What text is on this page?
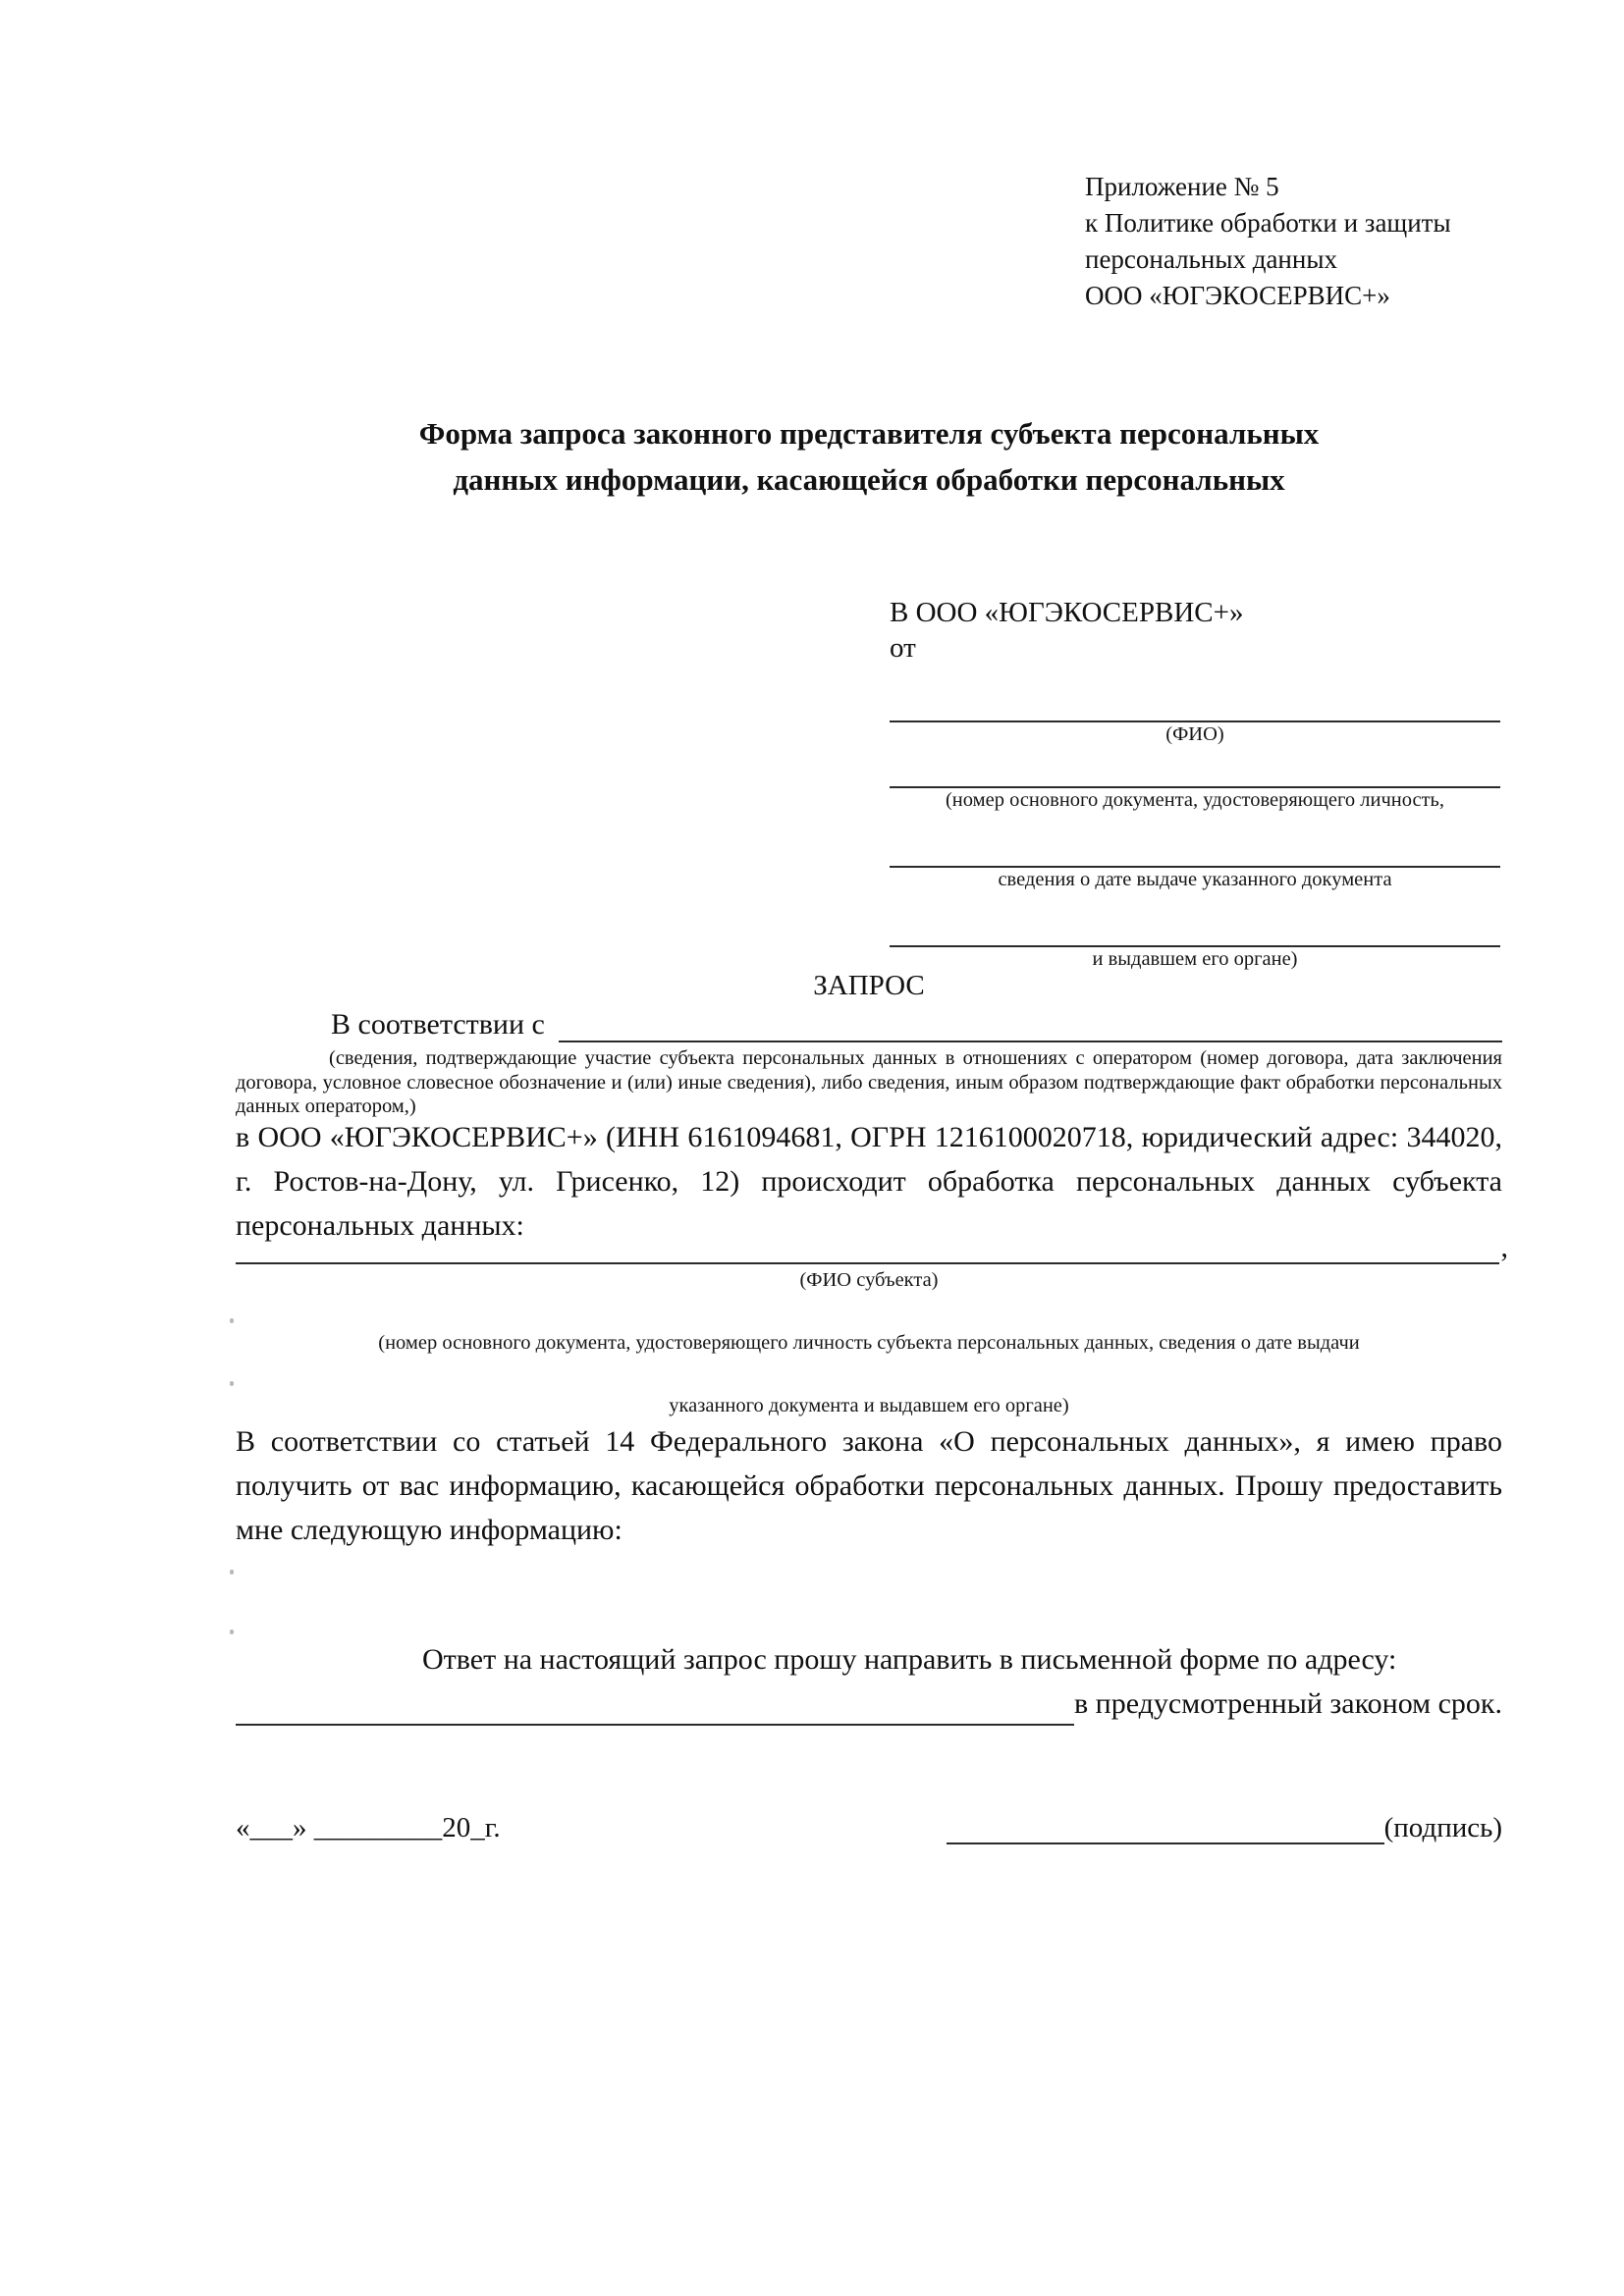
Приложение № 5
к Политике обработки и защиты
персональных данных
ООО «ЮГЭКОСЕРВИС+»
Форма запроса законного представителя субъекта персональных
данных информации, касающейся обработки персональных
В ООО «ЮГЭКОСЕРВИС+»
от
(ФИО)
(номер основного документа, удостоверяющего личность,
сведения о дате выдаче указанного документа
и выдавшем его органе)
ЗАПРОС
В соответствии с
(сведения, подтверждающие участие субъекта персональных данных в отношениях с оператором (номер договора, дата заключения договора, условное словесное обозначение и (или) иные сведения), либо сведения, иным образом подтверждающие факт обработки персональных данных оператором,)
в ООО «ЮГЭКОСЕРВИС+» (ИНН 6161094681, ОГРН 1216100020718, юридический адрес: 344020, г. Ростов-на-Дону, ул. Грисенко, 12) происходит обработка персональных данных субъекта персональных данных:
,
(ФИО субъекта)
(номер основного документа, удостоверяющего личность субъекта персональных данных, сведения о дате выдачи
указанного документа и выдавшем его органе)
В соответствии со статьей 14 Федерального закона «О персональных данных», я имею право получить от вас информацию, касающейся обработки персональных данных. Прошу предоставить мне следующую информацию:
Ответ на настоящий запрос прошу направить в письменной форме по адресу:
в предусмотренный законом срок.
«___» _________20_г.	(подпись)
